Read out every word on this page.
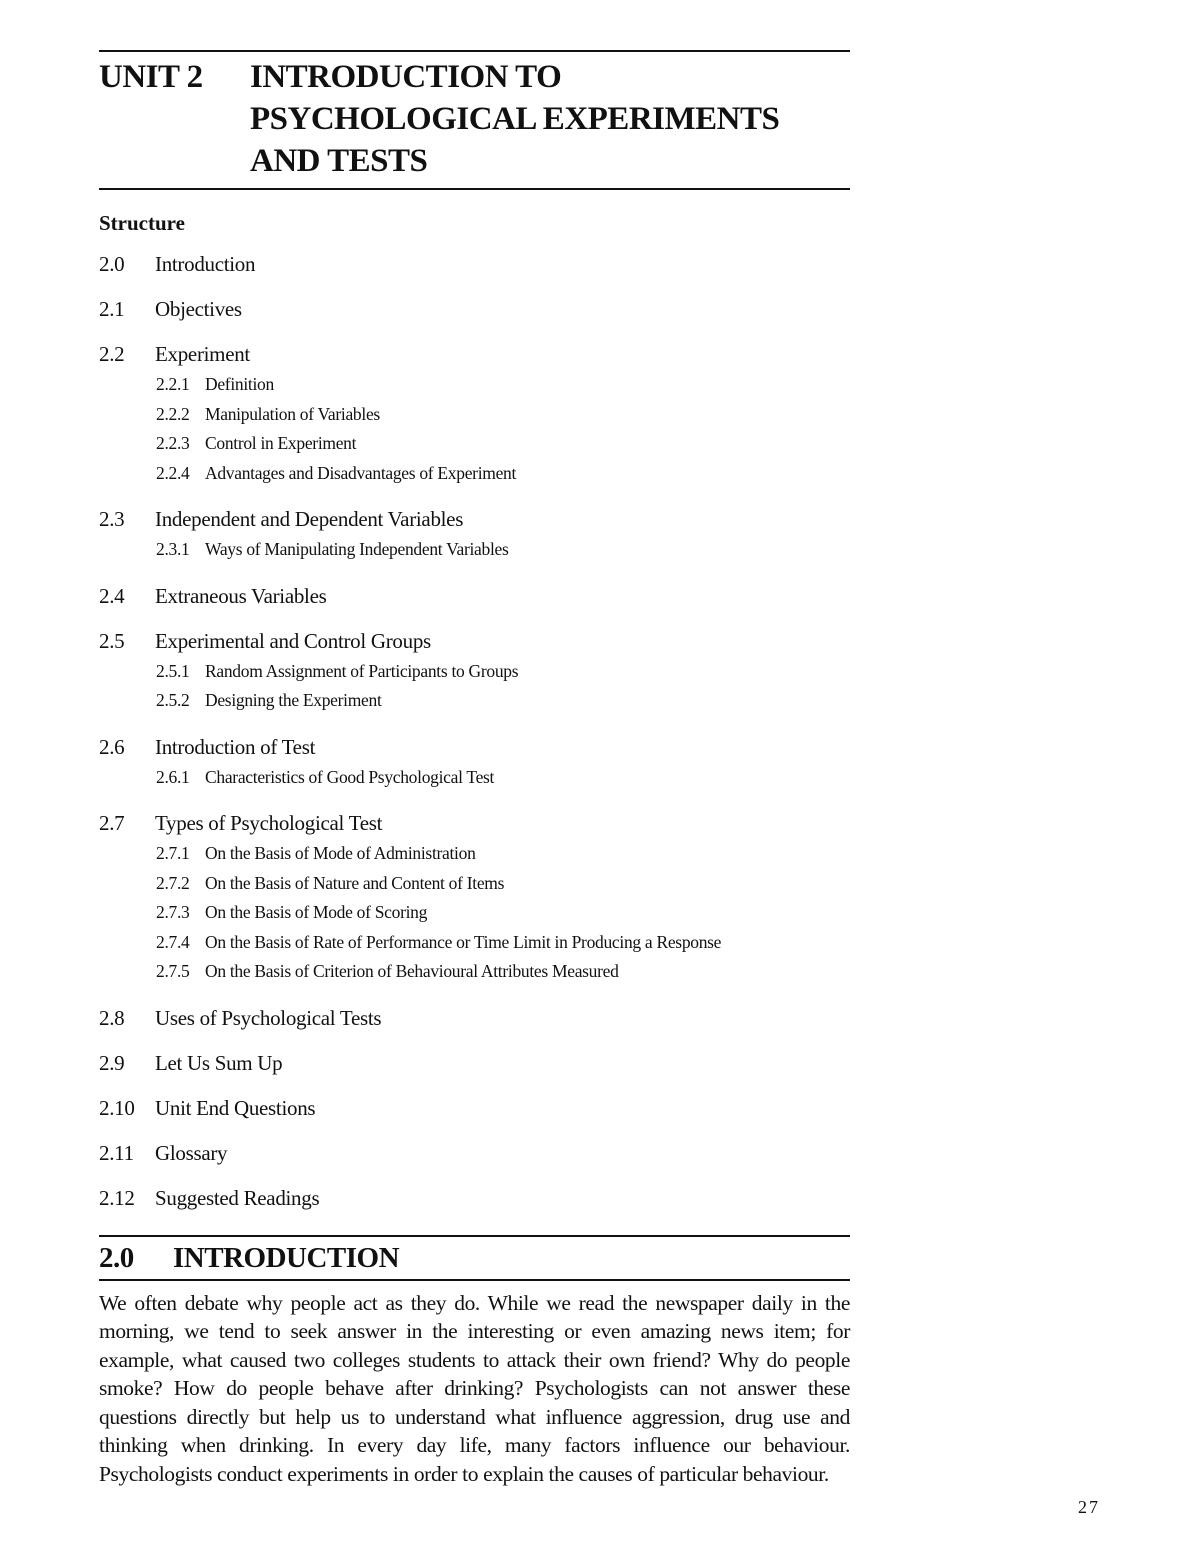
UNIT 2	INTRODUCTION TO
PSYCHOLOGICAL EXPERIMENTS
AND TESTS
Structure
2.0	Introduction
2.1	Objectives
2.2	Experiment
2.2.1 Definition
2.2.2 Manipulation of Variables
2.2.3 Control in Experiment
2.2.4 Advantages and Disadvantages of Experiment
2.3	Independent and Dependent Variables
2.3.1 Ways of Manipulating Independent Variables
2.4	Extraneous Variables
2.5	Experimental and Control Groups
2.5.1 Random Assignment of Participants to Groups
2.5.2 Designing the Experiment
2.6	Introduction of Test
2.6.1 Characteristics of Good Psychological Test
2.7	Types of Psychological Test
2.7.1 On the Basis of Mode of Administration
2.7.2 On the Basis of Nature and Content of Items
2.7.3 On the Basis of Mode of Scoring
2.7.4 On the Basis of Rate of Performance or Time Limit in Producing a Response
2.7.5 On the Basis of Criterion of Behavioural Attributes Measured
2.8	Uses of Psychological Tests
2.9	Let Us Sum Up
2.10 Unit End Questions
2.11	Glossary
2.12 Suggested Readings
2.0	INTRODUCTION
We often debate why people act as they do. While we read the newspaper daily in the morning, we tend to seek answer in the interesting or even amazing news item; for example, what caused two colleges students to attack their own friend? Why do people smoke? How do people behave after drinking? Psychologists can not answer these questions directly but help us to understand what influence aggression, drug use and thinking when drinking. In every day life, many factors influence our behaviour. Psychologists conduct experiments in order to explain the causes of particular behaviour.
27
